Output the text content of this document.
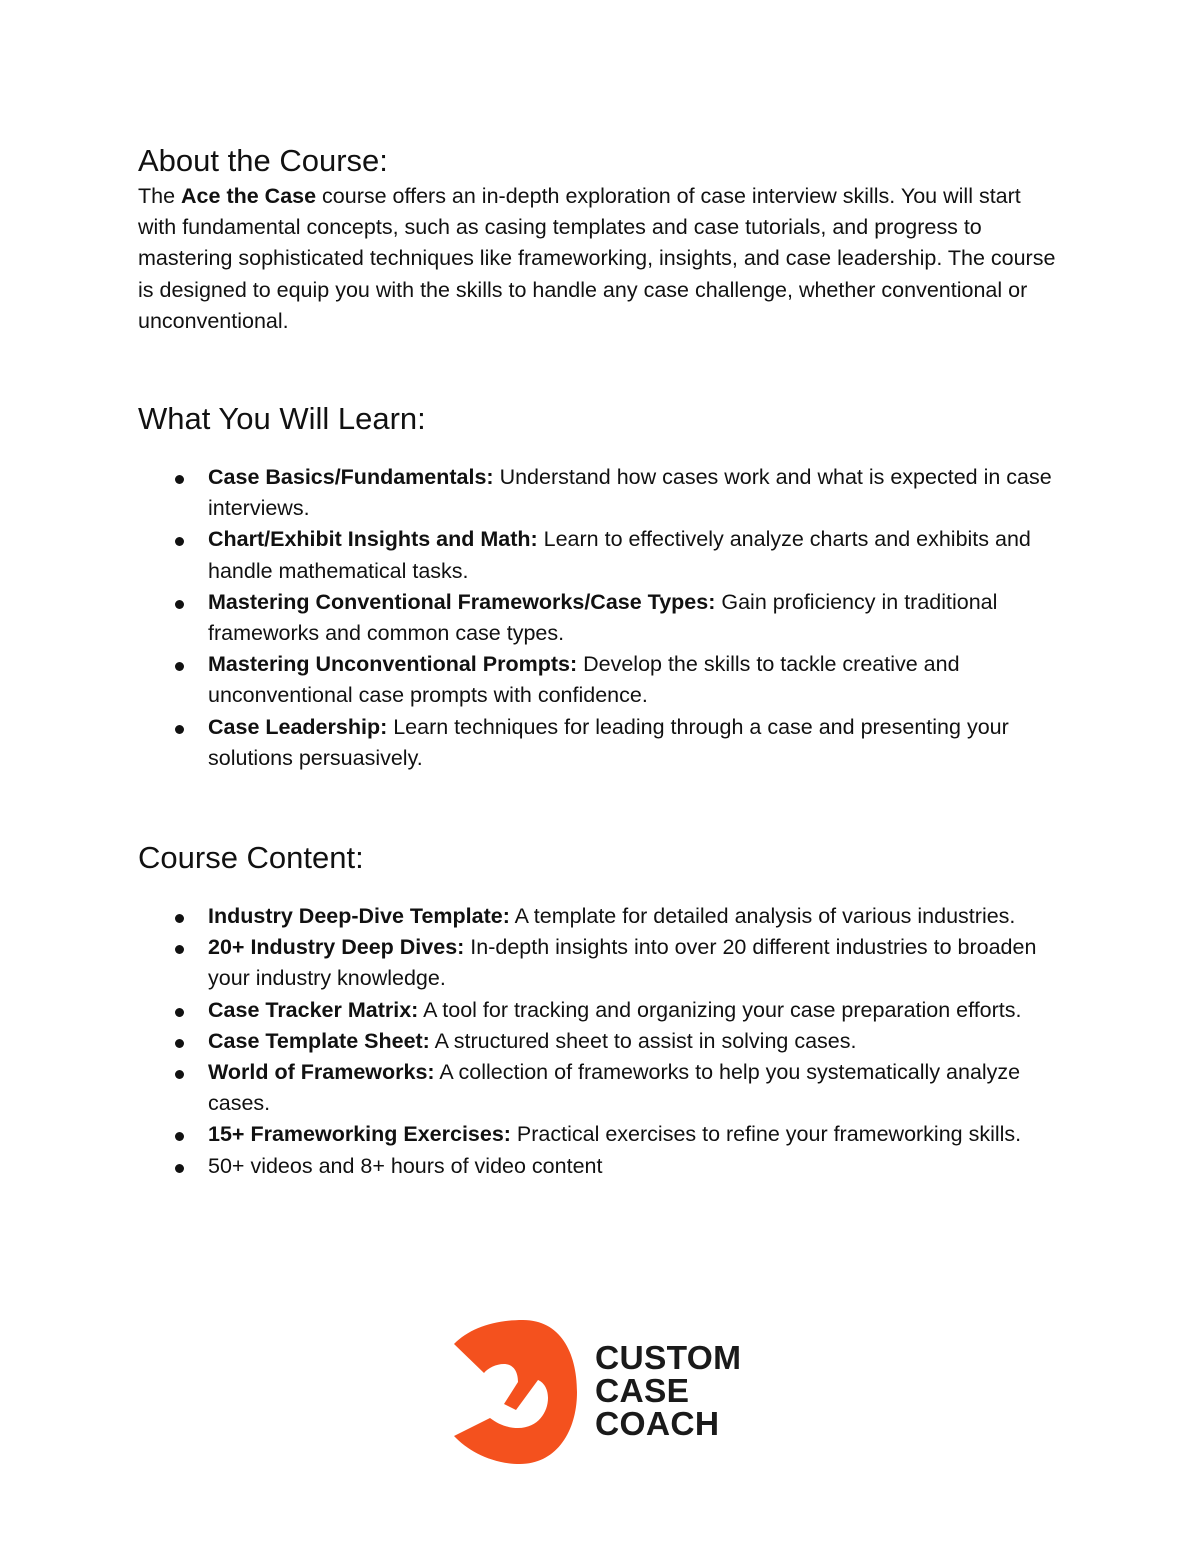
About the Course:

The Ace the Case course offers an in-depth exploration of case interview skills. You will start with fundamental concepts, such as casing templates and case tutorials, and progress to mastering sophisticated techniques like frameworking, insights, and case leadership. The course is designed to equip you with the skills to handle any case challenge, whether conventional or unconventional.

What You Will Learn:
Case Basics/Fundamentals: Understand how cases work and what is expected in case interviews.
Chart/Exhibit Insights and Math: Learn to effectively analyze charts and exhibits and handle mathematical tasks.
Mastering Conventional Frameworks/Case Types: Gain proficiency in traditional frameworks and common case types.
Mastering Unconventional Prompts: Develop the skills to tackle creative and unconventional case prompts with confidence.
Case Leadership: Learn techniques for leading through a case and presenting your solutions persuasively.
Course Content:
Industry Deep-Dive Template: A template for detailed analysis of various industries.
20+ Industry Deep Dives: In-depth insights into over 20 different industries to broaden your industry knowledge.
Case Tracker Matrix: A tool for tracking and organizing your case preparation efforts.
Case Template Sheet: A structured sheet to assist in solving cases.
World of Frameworks: A collection of frameworks to help you systematically analyze cases.
15+ Frameworking Exercises: Practical exercises to refine your frameworking skills.
50+ videos and 8+ hours of video content
CUSTOM
CASE
COACH
